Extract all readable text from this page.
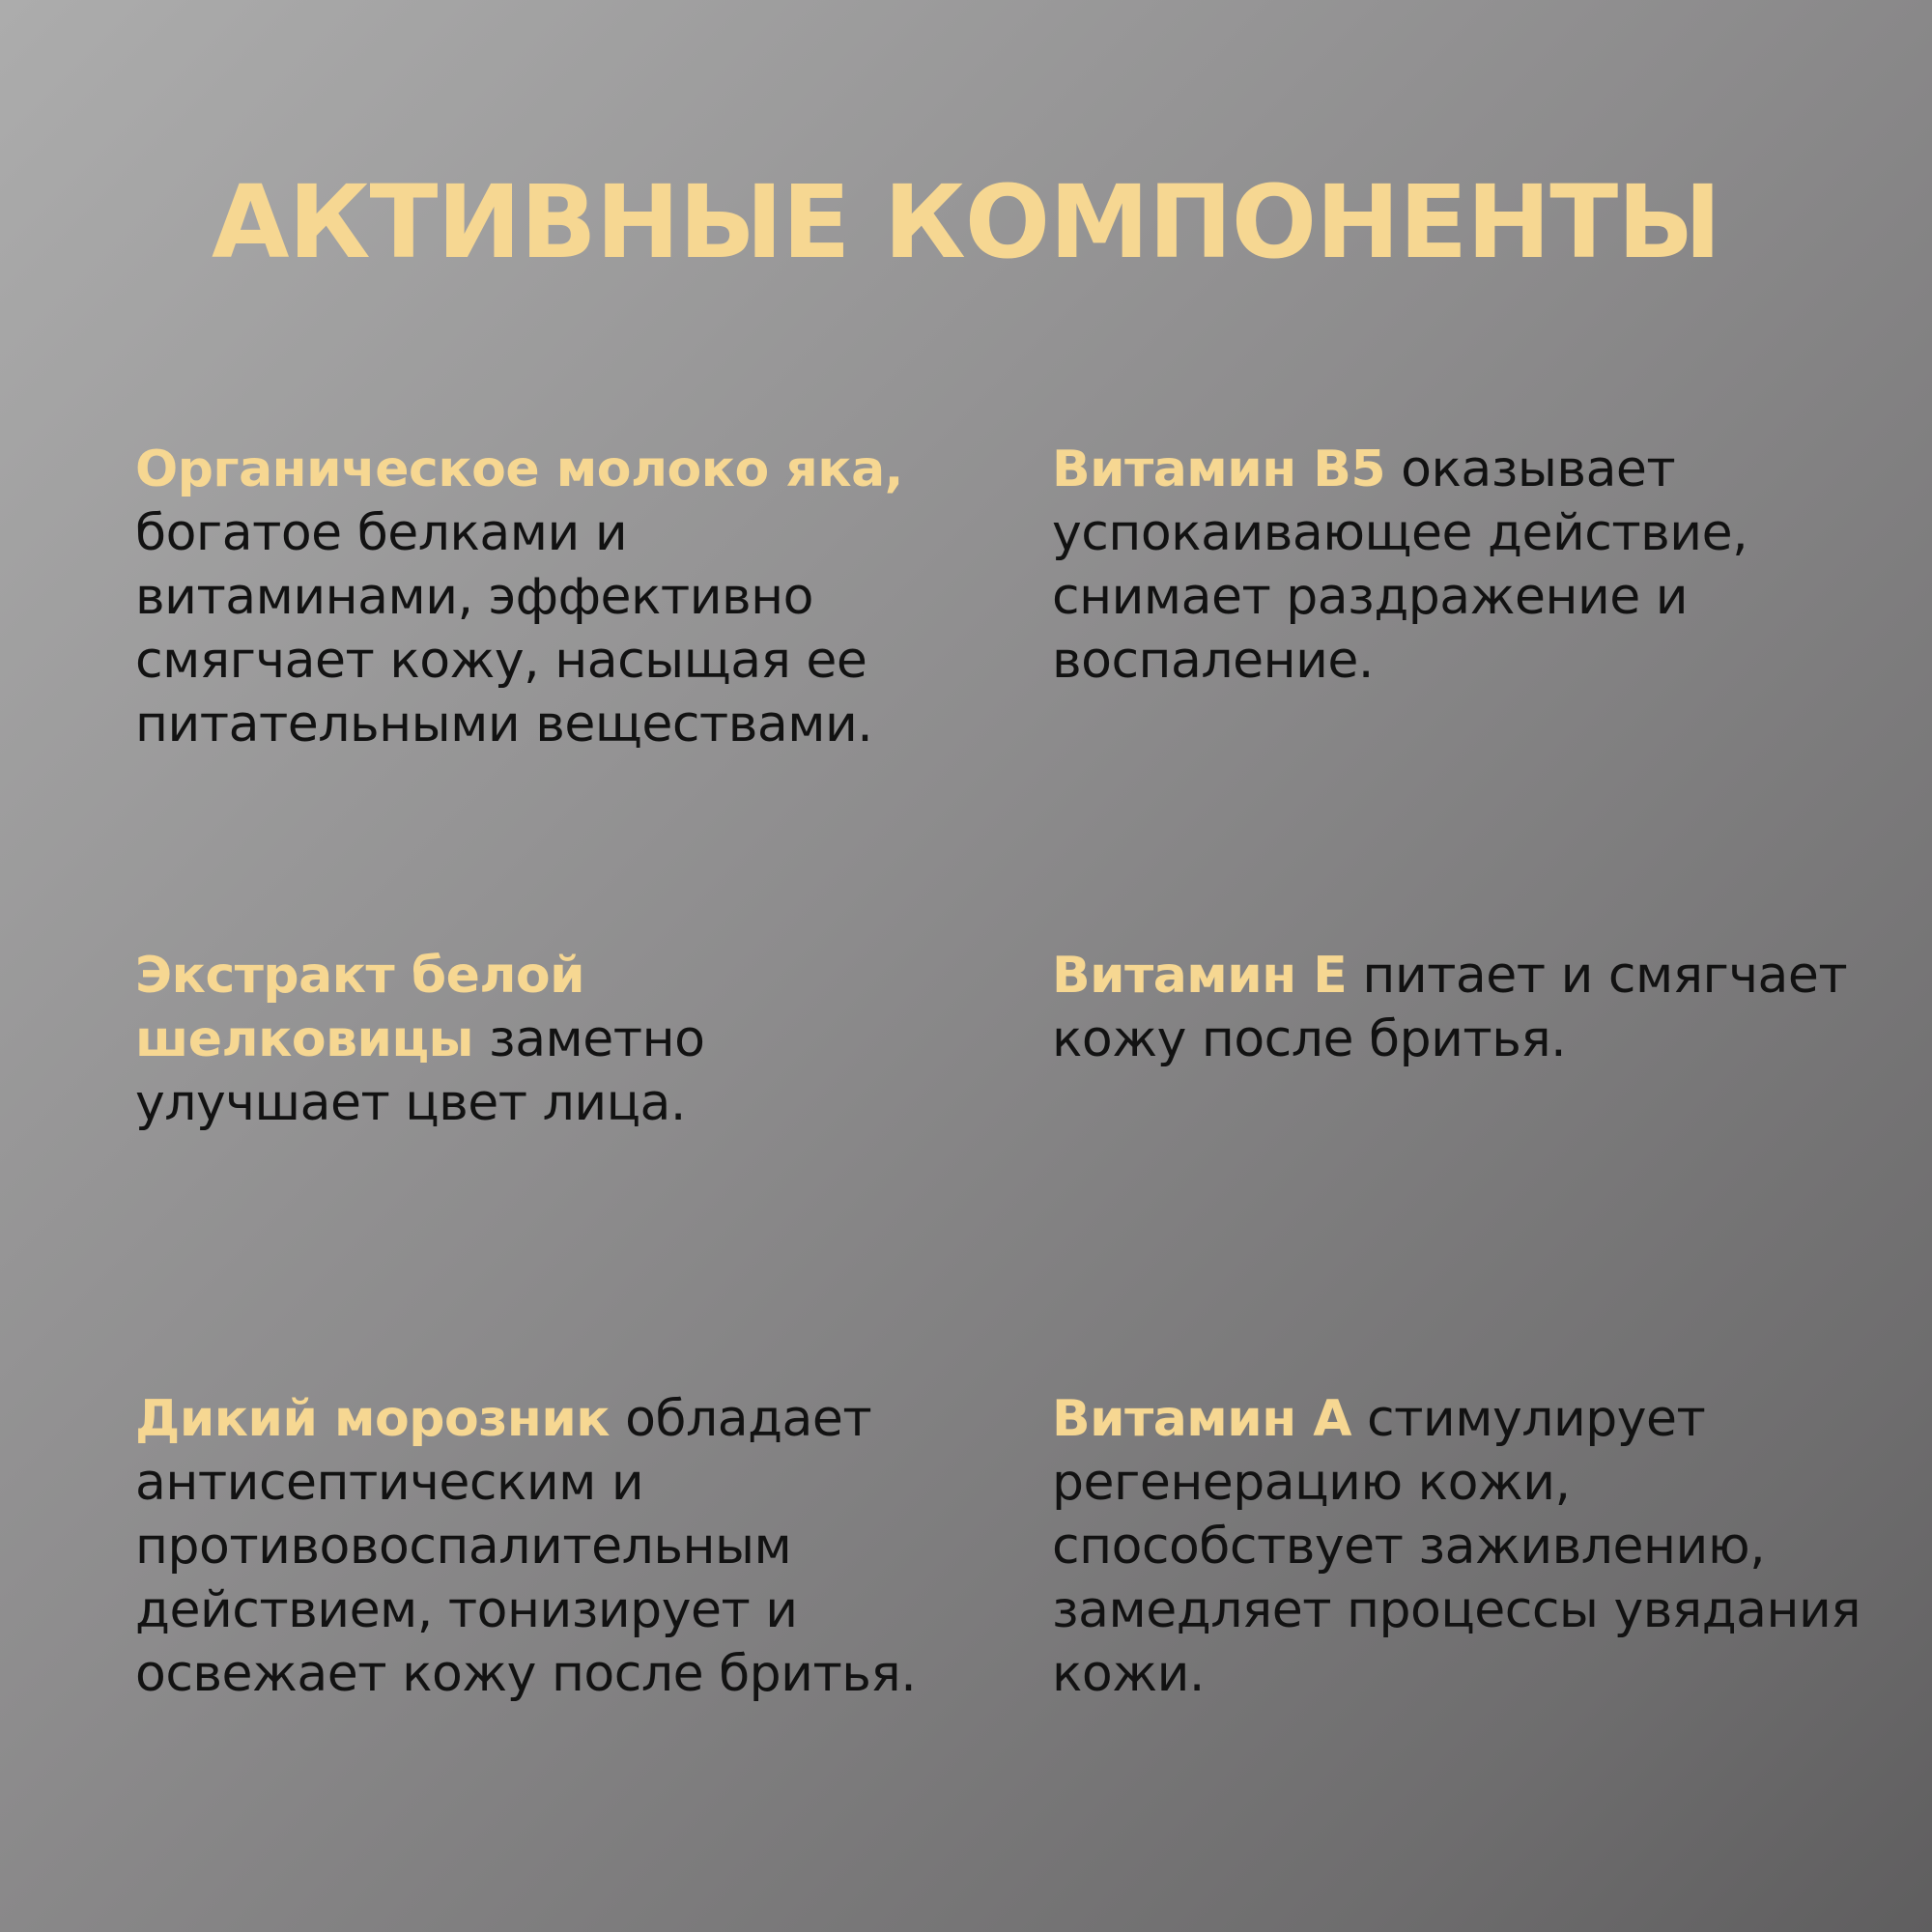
АКТИВНЫЕ КОМПОНЕНТЫ

Органическое молоко яка, богатое белками и витаминами, эффективно смягчает кожу, насыщая ее питательными веществами.

Витамин B5 оказывает успокаивающее действие, снимает раздражение и воспаление.

Экстракт белой шелковицы заметно улучшает цвет лица.

Витамин Е питает и смягчает кожу после бритья.

Дикий морозник обладает антисептическим и противовоспалительным действием, тонизирует и освежает кожу после бритья.

Витамин А стимулирует регенерацию кожи, способствует заживлению, замедляет процессы увядания кожи.
